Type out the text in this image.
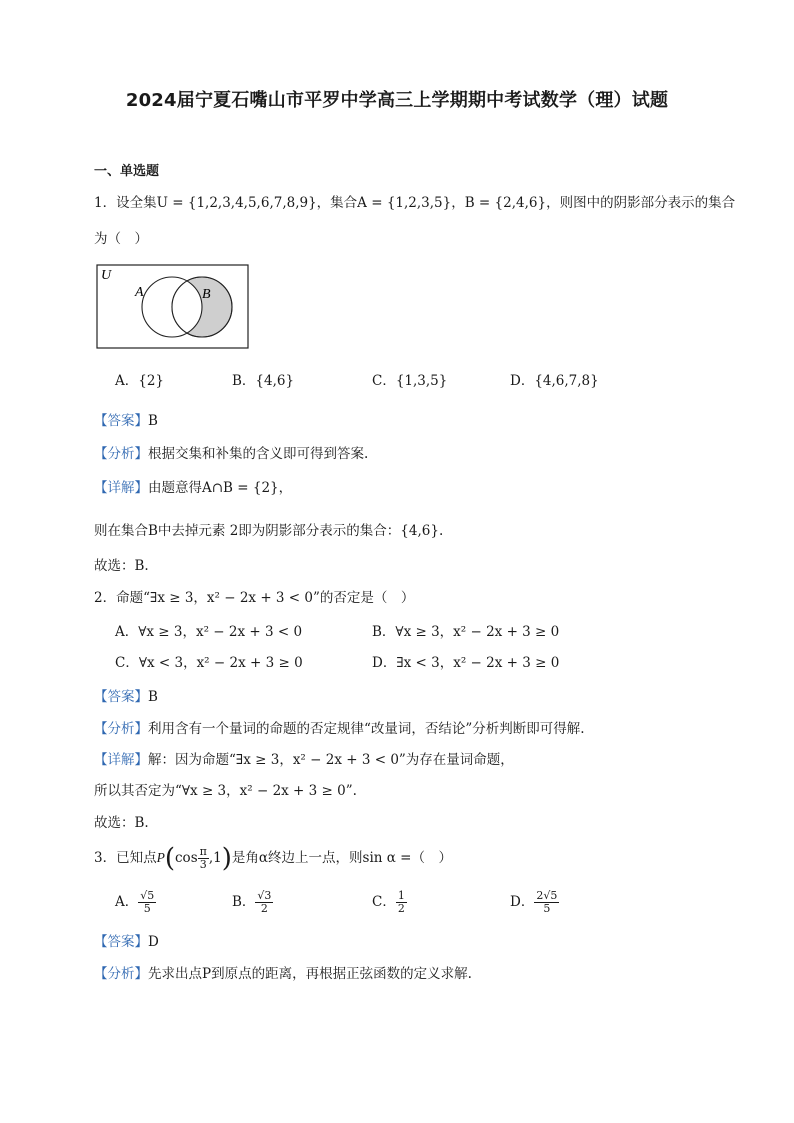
2024届宁夏石嘴山市平罗中学高三上学期期中考试数学（理）试题
一、单选题
1．设全集U = {1,2,3,4,5,6,7,8,9}，集合A = {1,2,3,5}，B = {2,4,6}，则图中的阴影部分表示的集合
为（　）
U
A	B
A．{2}	B．{4,6}	C．{1,3,5}	D．{4,6,7,8}
【答案】B
【分析】根据交集和补集的含义即可得到答案.
【详解】由题意得A∩B = {2}，
则在集合B中去掉元素 2即为阴影部分表示的集合：{4,6}.
故选：B.
2．命题“∃x ≥ 3，x² − 2x + 3 < 0”的否定是（　）
A．∀x ≥ 3，x² − 2x + 3 < 0	B．∀x ≥ 3，x² − 2x + 3 ≥ 0
C．∀x < 3，x² − 2x + 3 ≥ 0	D．∃x < 3，x² − 2x + 3 ≥ 0
【答案】B
【分析】利用含有一个量词的命题的否定规律“改量词，否结论”分析判断即可得解.
【详解】解：因为命题“∃x ≥ 3，x² − 2x + 3 < 0”为存在量词命题，
所以其否定为“∀x ≥ 3，x² − 2x + 3 ≥ 0”.
故选：B.
3．已知点$P(\cos \frac{\pi}{3} ,1)$是角α终边上一点，则sin α =（　）
A． $\frac{√5}{5}$	B． $\frac{√3}{2}$	C． $\frac{1}{2}$	D． $\frac{2√5}{5}$
【答案】D
【分析】先求出点P到原点的距离，再根据正弦函数的定义求解.
